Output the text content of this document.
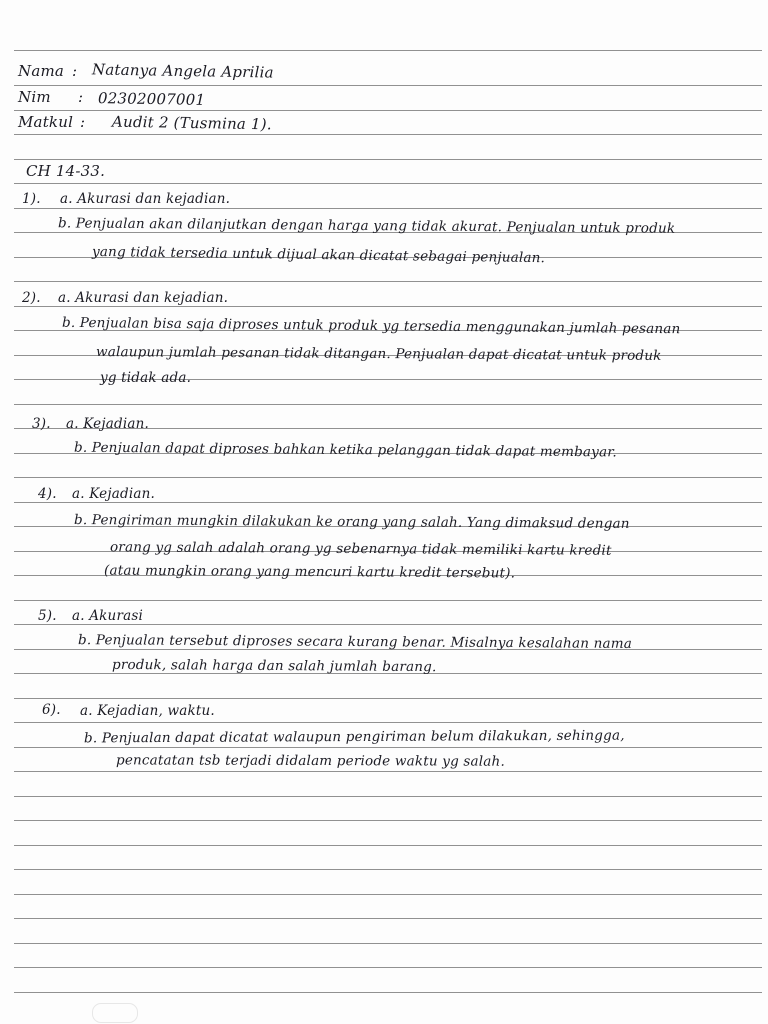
Nama : Natanya Angela Aprilia
Nim : 02302007001
Matkul : Audit 2 (Tusmina 1).
CH 14-33.
1). a. Akurasi dan kejadian.
b. Penjualan akan dilanjutkan dengan harga yang tidak akurat. Penjualan untuk produk
yang tidak tersedia untuk dijual akan dicatat sebagai penjualan.
2). a. Akurasi dan kejadian.
b. Penjualan bisa saja diproses untuk produk yg tersedia menggunakan jumlah pesanan
walaupun jumlah pesanan tidak ditangan. Penjualan dapat dicatat untuk produk
yg tidak ada.
3). a. Kejadian.
b. Penjualan dapat diproses bahkan ketika pelanggan tidak dapat membayar.
4). a. Kejadian.
b. Pengiriman mungkin dilakukan ke orang yang salah. Yang dimaksud dengan
orang yg salah adalah orang yg sebenarnya tidak memiliki kartu kredit
(atau mungkin orang yang mencuri kartu kredit tersebut).
5). a. Akurasi
b. Penjualan tersebut diproses secara kurang benar. Misalnya kesalahan nama
produk, salah harga dan salah jumlah barang.
6). a. Kejadian, waktu.
b. Penjualan dapat dicatat walaupun pengiriman belum dilakukan, sehingga,
pencatatan tsb terjadi didalam periode waktu yg salah.
